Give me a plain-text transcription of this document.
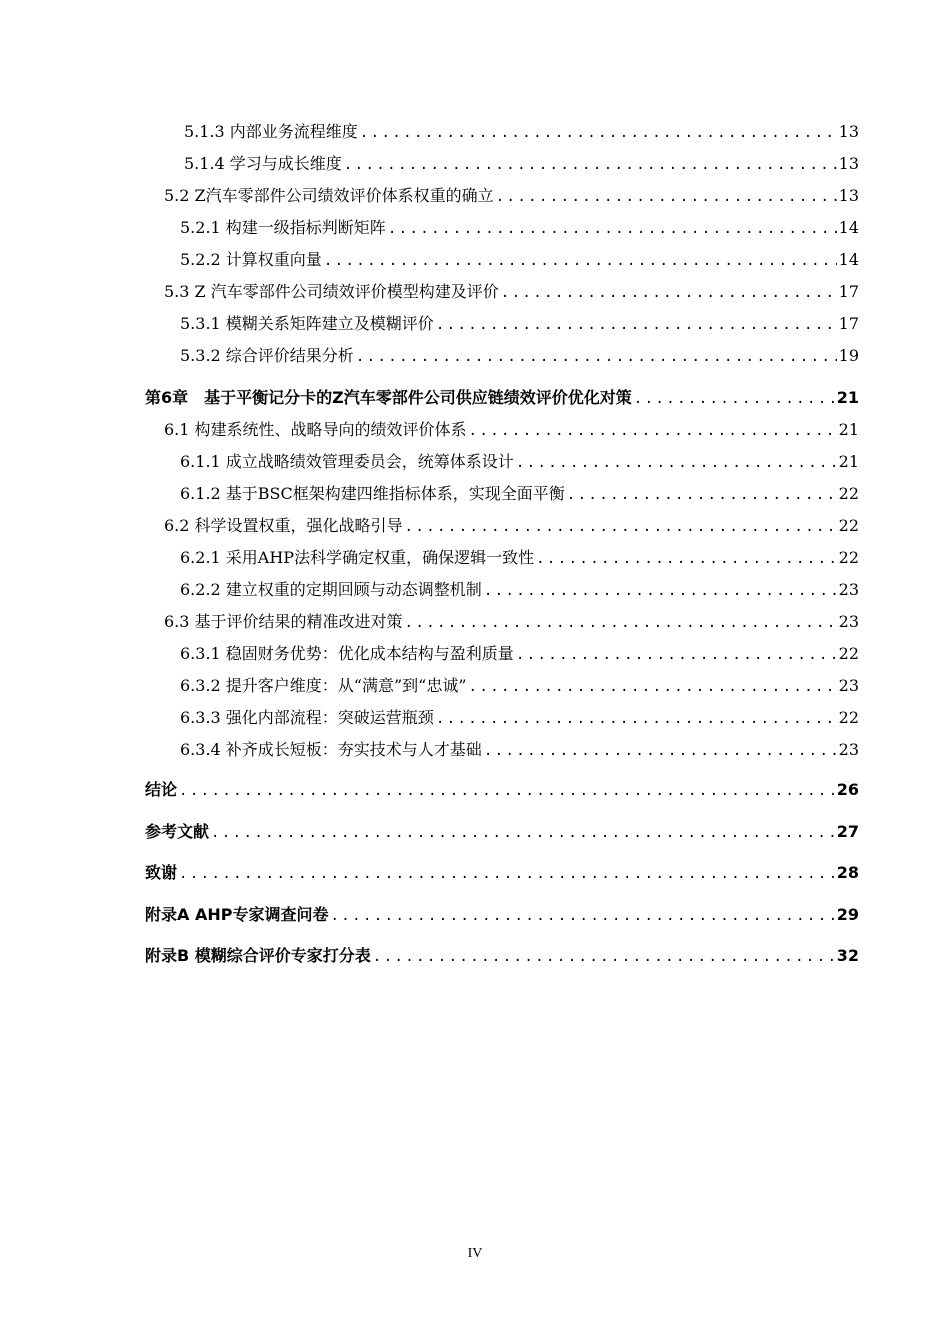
5.1.3 内部业务流程维度 .....	13
5.1.4 学习与成长维度 .....	13
5.2 Z汽车零部件公司绩效评价体系权重的确立 .....	13
5.2.1 构建一级指标判断矩阵 .....	14
5.2.2 计算权重向量 .....	14
5.3 Z 汽车零部件公司绩效评价模型构建及评价 .....	17
5.3.1 模糊关系矩阵建立及模糊评价 .....	17
5.3.2 综合评价结果分析 .....	19
第6章　基于平衡记分卡的Z汽车零部件公司供应链绩效评价优化对策 .....	21
6.1 构建系统性、战略导向的绩效评价体系 .....	21
6.1.1 成立战略绩效管理委员会，统筹体系设计 .....	21
6.1.2 基于BSC框架构建四维指标体系，实现全面平衡 .....	22
6.2 科学设置权重，强化战略引导 .....	22
6.2.1 采用AHP法科学确定权重，确保逻辑一致性 .....	22
6.2.2 建立权重的定期回顾与动态调整机制 .....	23
6.3 基于评价结果的精准改进对策 .....	23
6.3.1 稳固财务优势：优化成本结构与盈利质量 .....	22
6.3.2 提升客户维度：从“满意”到“忠诚” .....	23
6.3.3 强化内部流程：突破运营瓶颈 .....	22
6.3.4 补齐成长短板：夯实技术与人才基础 .....	23
结论 .....	26
参考文献 .....	27
致谢 .....	28
附录A AHP专家调查问卷 .....	29
附录B 模糊综合评价专家打分表 .....	32
IV
